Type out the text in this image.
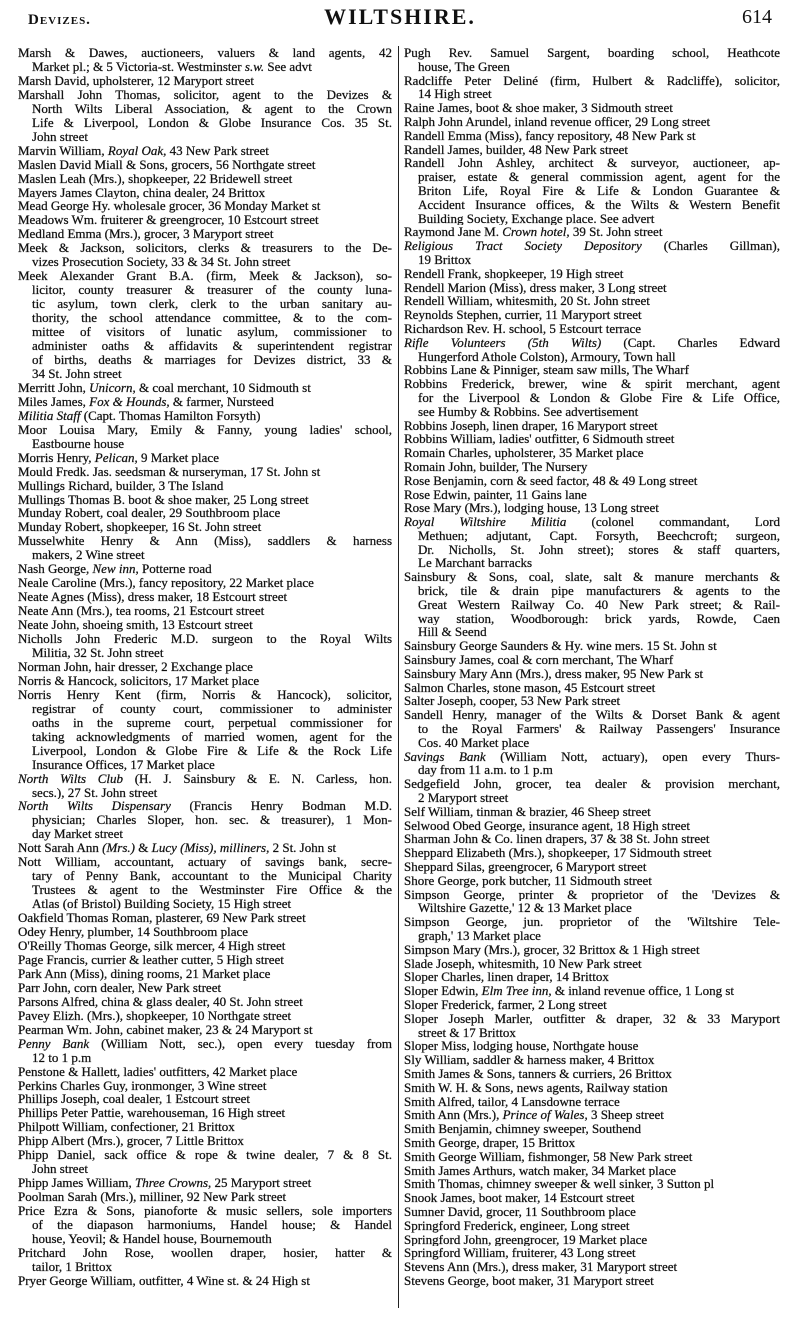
Devizes.	WILTSHIRE.	614
Marsh & Dawes, auctioneers, valuers & land agents, 42
Market pl.; & 5 Victoria-st. Westminster s.w. See advt
Marsh David, upholsterer, 12 Maryport street
Marshall John Thomas, solicitor, agent to the Devizes &
North Wilts Liberal Association, & agent to the Crown
Life & Liverpool, London & Globe Insurance Cos. 35 St.
John street
Marvin William, Royal Oak, 43 New Park street
Maslen David Miall & Sons, grocers, 56 Northgate street
Maslen Leah (Mrs.), shopkeeper, 22 Bridewell street
Mayers James Clayton, china dealer, 24 Brittox
Mead George Hy. wholesale grocer, 36 Monday Market st
Meadows Wm. fruiterer & greengrocer, 10 Estcourt street
Medland Emma (Mrs.), grocer, 3 Maryport street
Meek & Jackson, solicitors, clerks & treasurers to the De-
vizes Prosecution Society, 33 & 34 St. John street
Meek Alexander Grant B.A. (firm, Meek & Jackson), so-
licitor, county treasurer & treasurer of the county luna-
tic asylum, town clerk, clerk to the urban sanitary au-
thority, the school attendance committee, & to the com-
mittee of visitors of lunatic asylum, commissioner to
administer oaths & affidavits & superintendent registrar
of births, deaths & marriages for Devizes district, 33 &
34 St. John street
Merritt John, Unicorn, & coal merchant, 10 Sidmouth st
Miles James, Fox & Hounds, & farmer, Nursteed
Militia Staff (Capt. Thomas Hamilton Forsyth)
Moor Louisa Mary, Emily & Fanny, young ladies' school,
Eastbourne house
Morris Henry, Pelican, 9 Market place
Mould Fredk. Jas. seedsman & nurseryman, 17 St. John st
Mullings Richard, builder, 3 The Island
Mullings Thomas B. boot & shoe maker, 25 Long street
Munday Robert, coal dealer, 29 Southbroom place
Munday Robert, shopkeeper, 16 St. John street
Musselwhite Henry & Ann (Miss), saddlers & harness
makers, 2 Wine street
Nash George, New inn, Potterne road
Neale Caroline (Mrs.), fancy repository, 22 Market place
Neate Agnes (Miss), dress maker, 18 Estcourt street
Neate Ann (Mrs.), tea rooms, 21 Estcourt street
Neate John, shoeing smith, 13 Estcourt street
Nicholls John Frederic M.D. surgeon to the Royal Wilts
Militia, 32 St. John street
Norman John, hair dresser, 2 Exchange place
Norris & Hancock, solicitors, 17 Market place
Norris Henry Kent (firm, Norris & Hancock), solicitor,
registrar of county court, commissioner to administer
oaths in the supreme court, perpetual commissioner for
taking acknowledgments of married women, agent for the
Liverpool, London & Globe Fire & Life & the Rock Life
Insurance Offices, 17 Market place
North Wilts Club (H. J. Sainsbury & E. N. Carless, hon.
secs.), 27 St. John street
North Wilts Dispensary (Francis Henry Bodman M.D.
physician; Charles Sloper, hon. sec. & treasurer), 1 Mon-
day Market street
Nott Sarah Ann (Mrs.) & Lucy (Miss), milliners, 2 St. John st
Nott William, accountant, actuary of savings bank, secre-
tary of Penny Bank, accountant to the Municipal Charity
Trustees & agent to the Westminster Fire Office & the
Atlas (of Bristol) Building Society, 15 High street
Oakfield Thomas Roman, plasterer, 69 New Park street
Odey Henry, plumber, 14 Southbroom place
O'Reilly Thomas George, silk mercer, 4 High street
Page Francis, currier & leather cutter, 5 High street
Park Ann (Miss), dining rooms, 21 Market place
Parr John, corn dealer, New Park street
Parsons Alfred, china & glass dealer, 40 St. John street
Pavey Elizh. (Mrs.), shopkeeper, 10 Northgate street
Pearman Wm. John, cabinet maker, 23 & 24 Maryport st
Penny Bank (William Nott, sec.), open every tuesday from
12 to 1 p.m
Penstone & Hallett, ladies' outfitters, 42 Market place
Perkins Charles Guy, ironmonger, 3 Wine street
Phillips Joseph, coal dealer, 1 Estcourt street
Phillips Peter Pattie, warehouseman, 16 High street
Philpott William, confectioner, 21 Brittox
Phipp Albert (Mrs.), grocer, 7 Little Brittox
Phipp Daniel, sack office & rope & twine dealer, 7 & 8 St.
John street
Phipp James William, Three Crowns, 25 Maryport street
Poolman Sarah (Mrs.), milliner, 92 New Park street
Price Ezra & Sons, pianoforte & music sellers, sole importers
of the diapason harmoniums, Handel house; & Handel
house, Yeovil; & Handel house, Bournemouth
Pritchard John Rose, woollen draper, hosier, hatter &
tailor, 1 Brittox
Pryer George William, outfitter, 4 Wine st. & 24 High st
Pugh Rev. Samuel Sargent, boarding school, Heathcote
house, The Green
Radcliffe Peter Deliné (firm, Hulbert & Radcliffe), solicitor,
14 High street
Raine James, boot & shoe maker, 3 Sidmouth street
Ralph John Arundel, inland revenue officer, 29 Long street
Randell Emma (Miss), fancy repository, 48 New Park st
Randell James, builder, 48 New Park street
Randell John Ashley, architect & surveyor, auctioneer, ap-
praiser, estate & general commission agent, agent for the
Briton Life, Royal Fire & Life & London Guarantee &
Accident Insurance offices, & the Wilts & Western Benefit
Building Society, Exchange place. See advert
Raymond Jane M. Crown hotel, 39 St. John street
Religious Tract Society Depository (Charles Gillman),
19 Brittox
Rendell Frank, shopkeeper, 19 High street
Rendell Marion (Miss), dress maker, 3 Long street
Rendell William, whitesmith, 20 St. John street
Reynolds Stephen, currier, 11 Maryport street
Richardson Rev. H. school, 5 Estcourt terrace
Rifle Volunteers (5th Wilts) (Capt. Charles Edward
Hungerford Athole Colston), Armoury, Town hall
Robbins Lane & Pinniger, steam saw mills, The Wharf
Robbins Frederick, brewer, wine & spirit merchant, agent
for the Liverpool & London & Globe Fire & Life Office,
see Humby & Robbins. See advertisement
Robbins Joseph, linen draper, 16 Maryport street
Robbins William, ladies' outfitter, 6 Sidmouth street
Romain Charles, upholsterer, 35 Market place
Romain John, builder, The Nursery
Rose Benjamin, corn & seed factor, 48 & 49 Long street
Rose Edwin, painter, 11 Gains lane
Rose Mary (Mrs.), lodging house, 13 Long street
Royal Wiltshire Militia (colonel commandant, Lord
Methuen; adjutant, Capt. Forsyth, Beechcroft; surgeon,
Dr. Nicholls, St. John street); stores & staff quarters,
Le Marchant barracks
Sainsbury & Sons, coal, slate, salt & manure merchants &
brick, tile & drain pipe manufacturers & agents to the
Great Western Railway Co. 40 New Park street; & Rail-
way station, Woodborough: brick yards, Rowde, Caen
Hill & Seend
Sainsbury George Saunders & Hy. wine mers. 15 St. John st
Sainsbury James, coal & corn merchant, The Wharf
Sainsbury Mary Ann (Mrs.), dress maker, 95 New Park st
Salmon Charles, stone mason, 45 Estcourt street
Salter Joseph, cooper, 53 New Park street
Sandell Henry, manager of the Wilts & Dorset Bank & agent
to the Royal Farmers' & Railway Passengers' Insurance
Cos. 40 Market place
Savings Bank (William Nott, actuary), open every Thurs-
day from 11 a.m. to 1 p.m
Sedgefield John, grocer, tea dealer & provision merchant,
2 Maryport street
Self William, tinman & brazier, 46 Sheep street
Selwood Obed George, insurance agent, 18 High street
Sharman John & Co. linen drapers, 37 & 38 St. John street
Sheppard Elizabeth (Mrs.), shopkeeper, 17 Sidmouth street
Sheppard Silas, greengrocer, 6 Maryport street
Shore George, pork butcher, 11 Sidmouth street
Simpson George, printer & proprietor of the 'Devizes &
Wiltshire Gazette,' 12 & 13 Market place
Simpson George, jun. proprietor of the 'Wiltshire Tele-
graph,' 13 Market place
Simpson Mary (Mrs.), grocer, 32 Brittox & 1 High street
Slade Joseph, whitesmith, 10 New Park street
Sloper Charles, linen draper, 14 Brittox
Sloper Edwin, Elm Tree inn, & inland revenue office, 1 Long st
Sloper Frederick, farmer, 2 Long street
Sloper Joseph Marler, outfitter & draper, 32 & 33 Maryport
street & 17 Brittox
Sloper Miss, lodging house, Northgate house
Sly William, saddler & harness maker, 4 Brittox
Smith James & Sons, tanners & curriers, 26 Brittox
Smith W. H. & Sons, news agents, Railway station
Smith Alfred, tailor, 4 Lansdowne terrace
Smith Ann (Mrs.), Prince of Wales, 3 Sheep street
Smith Benjamin, chimney sweeper, Southend
Smith George, draper, 15 Brittox
Smith George William, fishmonger, 58 New Park street
Smith James Arthurs, watch maker, 34 Market place
Smith Thomas, chimney sweeper & well sinker, 3 Sutton pl
Snook James, boot maker, 14 Estcourt street
Sumner David, grocer, 11 Southbroom place
Springford Frederick, engineer, Long street
Springford John, greengrocer, 19 Market place
Springford William, fruiterer, 43 Long street
Stevens Ann (Mrs.), dress maker, 31 Maryport street
Stevens George, boot maker, 31 Maryport street
